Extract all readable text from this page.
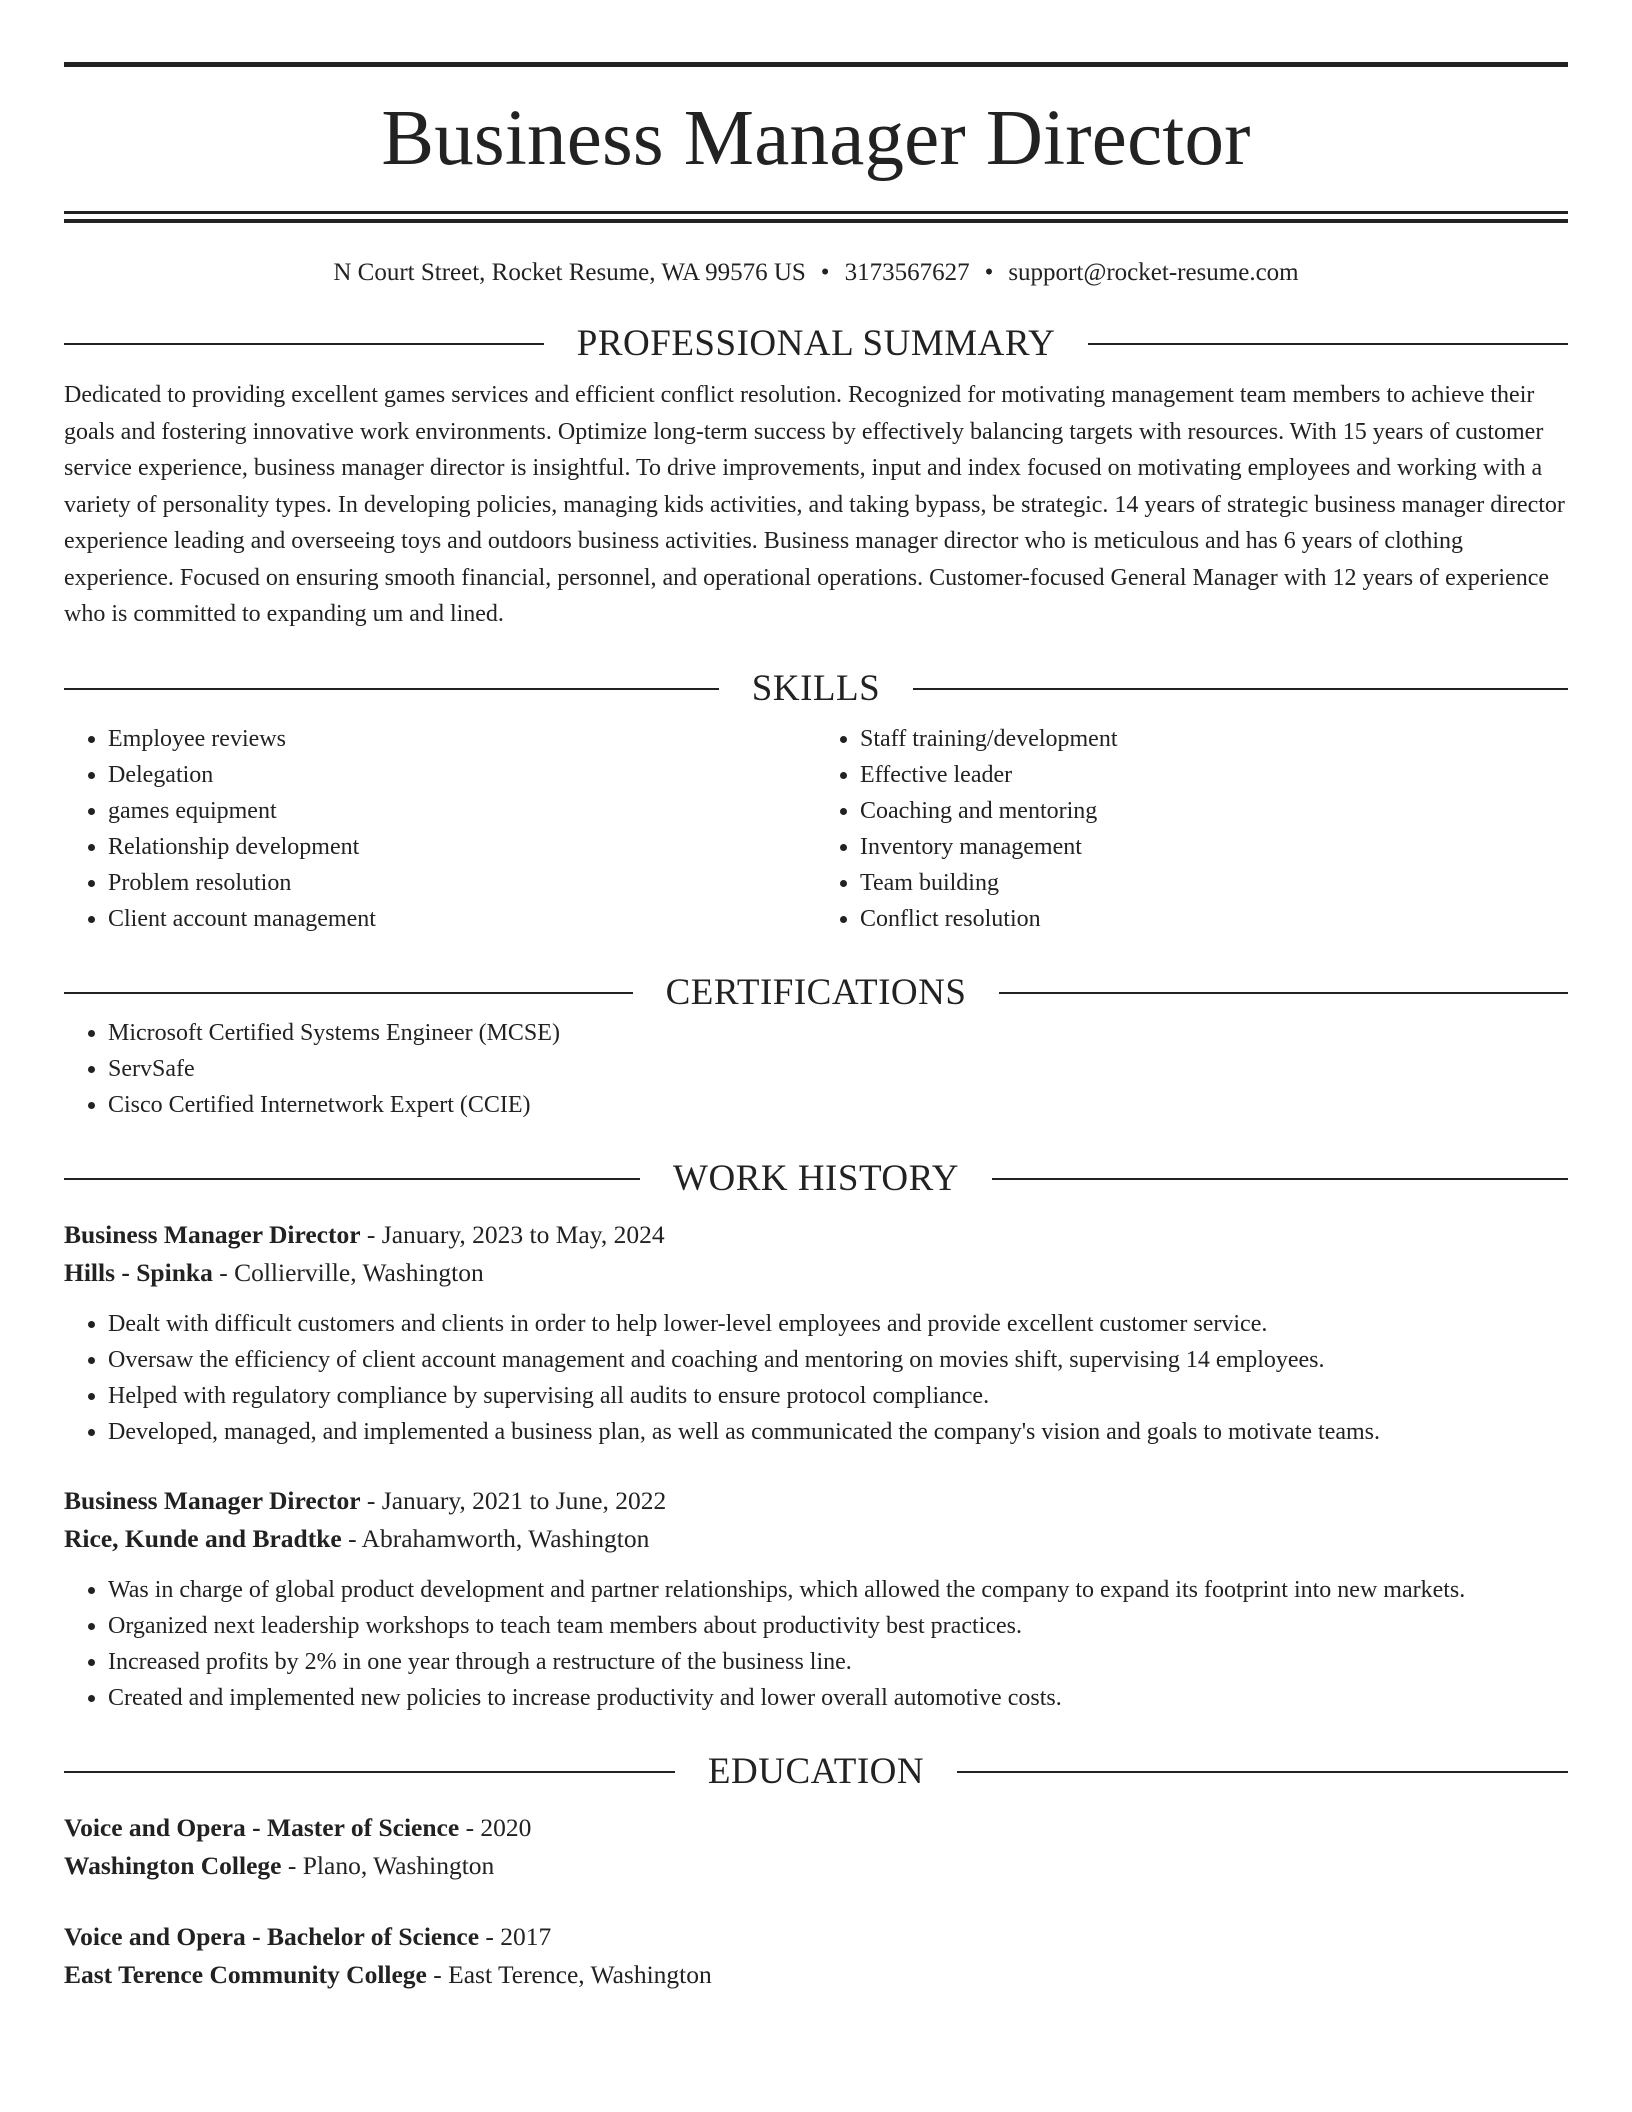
Business Manager Director
N Court Street, Rocket Resume, WA 99576 US • 3173567627 • support@rocket-resume.com
PROFESSIONAL SUMMARY
Dedicated to providing excellent games services and efficient conflict resolution. Recognized for motivating management team members to achieve their goals and fostering innovative work environments. Optimize long-term success by effectively balancing targets with resources. With 15 years of customer service experience, business manager director is insightful. To drive improvements, input and index focused on motivating employees and working with a variety of personality types. In developing policies, managing kids activities, and taking bypass, be strategic. 14 years of strategic business manager director experience leading and overseeing toys and outdoors business activities. Business manager director who is meticulous and has 6 years of clothing experience. Focused on ensuring smooth financial, personnel, and operational operations. Customer-focused General Manager with 12 years of experience who is committed to expanding um and lined.
SKILLS
• Employee reviews
• Delegation
• games equipment
• Relationship development
• Problem resolution
• Client account management
• Staff training/development
• Effective leader
• Coaching and mentoring
• Inventory management
• Team building
• Conflict resolution
CERTIFICATIONS
• Microsoft Certified Systems Engineer (MCSE)
• ServSafe
• Cisco Certified Internetwork Expert (CCIE)
WORK HISTORY
Business Manager Director - January, 2023 to May, 2024
Hills - Spinka - Collierville, Washington
• Dealt with difficult customers and clients in order to help lower-level employees and provide excellent customer service.
• Oversaw the efficiency of client account management and coaching and mentoring on movies shift, supervising 14 employees.
• Helped with regulatory compliance by supervising all audits to ensure protocol compliance.
• Developed, managed, and implemented a business plan, as well as communicated the company's vision and goals to motivate teams.
Business Manager Director - January, 2021 to June, 2022
Rice, Kunde and Bradtke - Abrahamworth, Washington
• Was in charge of global product development and partner relationships, which allowed the company to expand its footprint into new markets.
• Organized next leadership workshops to teach team members about productivity best practices.
• Increased profits by 2% in one year through a restructure of the business line.
• Created and implemented new policies to increase productivity and lower overall automotive costs.
EDUCATION
Voice and Opera - Master of Science - 2020
Washington College - Plano, Washington
Voice and Opera - Bachelor of Science - 2017
East Terence Community College - East Terence, Washington
